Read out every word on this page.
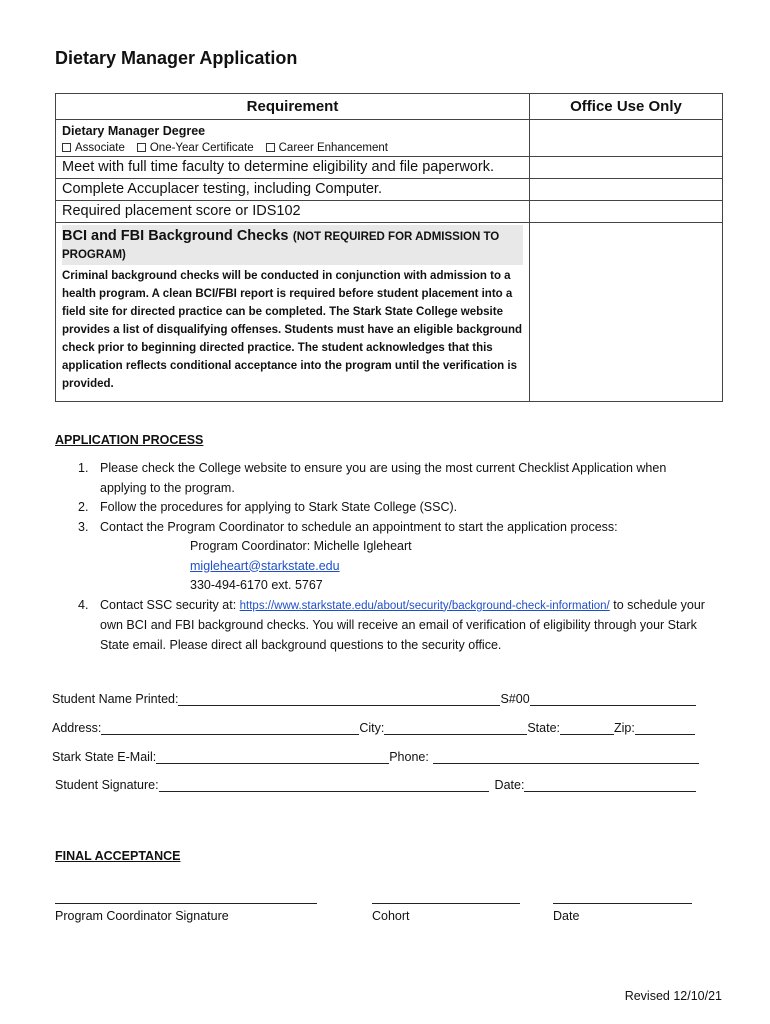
Dietary Manager Application
Requirement	Office Use Only

Dietary Manager Degree
Associate One-Year Certificate Career Enhancement	

Meet with full time faculty to determine eligibility and file paperwork.	
Complete Accuplacer testing, including Computer.	
Required placement score or IDS102	

BCI and FBI Background Checks (NOT REQUIRED FOR ADMISSION TO PROGRAM)
Criminal background checks will be conducted in conjunction with admission to a health program. A clean BCI/FBI report is required before student placement into a field site for directed practice can be completed. The Stark State College website provides a list of disqualifying offenses. Students must have an eligible background check prior to beginning directed practice. The student acknowledges that this application reflects conditional acceptance into the program until the verification is provided.	

APPLICATION PROCESS
1. Please check the College website to ensure you are using the most current Checklist Application when applying to the program.
2. Follow the procedures for applying to Stark State College (SSC).
3. Contact the Program Coordinator to schedule an appointment to start the application process:
Program Coordinator: Michelle Igleheart
migleheart@starkstate.edu
330-494-6170 ext. 5767
4. Contact SSC security at: https://www.starkstate.edu/about/security/background-check-information/ to schedule your own BCI and FBI background checks. You will receive an email of verification of eligibility through your Stark State email. Please direct all background questions to the security office.
Student Name Printed:	S#00
Address:	City:	State:	Zip:
Stark State E-Mail:	Phone:
Student Signature:	Date:
FINAL ACCEPTANCE
Program Coordinator Signature	Cohort	Date
Revised 12/10/21
